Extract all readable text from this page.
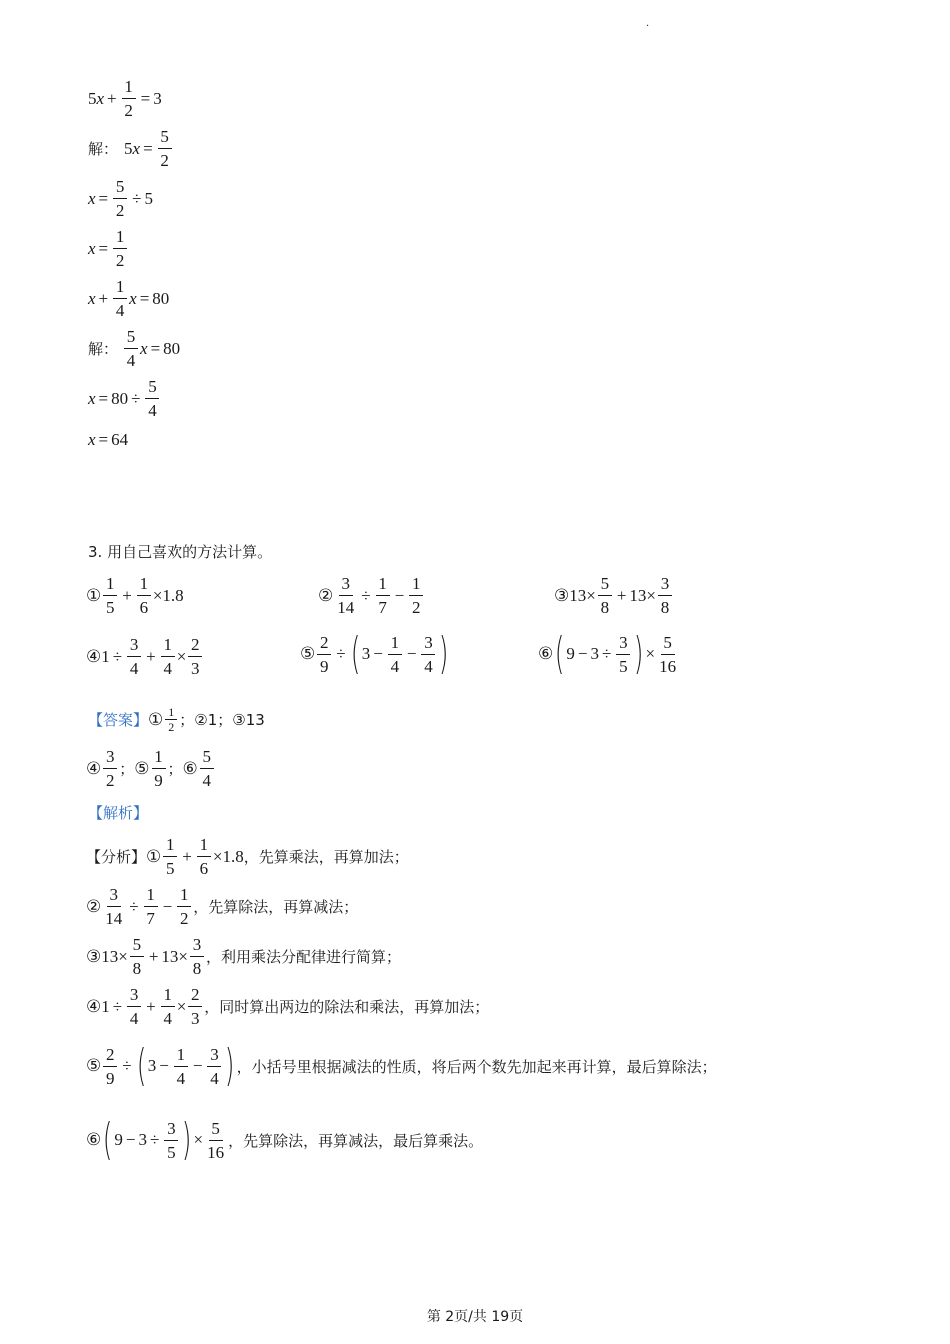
.
5 $x + \frac{1}{2} = 3$
解： 5 $x = \frac{5}{2}$
$x = \frac{5}{2} \div 5$
$x = \frac{1}{2}$
$x + \frac{1}{4}$ x = 80
解： $\frac{5}{4}$ x = 80
$x = 80 \div \frac{5}{4}$
x = 64
3. 用自己喜欢的方法计算。
① $\frac{1}{5} + \frac{1}{6} \times 1.8$	② $\frac{3}{14} \div \frac{1}{7} - \frac{1}{2}$	③13× $\frac{5}{8} + 13\times \frac{3}{8}$
④1 ÷ $\frac{3}{4} + \frac{1}{4} \times \frac{2}{3}$	⑤ $\frac{2}{9}$ ÷ ( $3 - \frac{1}{4} - \frac{3}{4}$ )	⑥ ( $9 - 3 \div \frac{3}{5}$ ) × $\frac{5}{16}$
【答案】 ① $\frac{1}{2}$ ；②1；③13
④ $\frac{3}{2}$ ； ⑤ $\frac{1}{9}$ ； ⑥ $\frac{5}{4}$
【解析】
【分析】 ① $\frac{1}{5} + \frac{1}{6} \times 1.8$ ，先算乘法，再算加法；
② $\frac{3}{14} \div \frac{1}{7} - \frac{1}{2}$ ，先算除法，再算减法；
③13× $\frac{5}{8} + 13\times \frac{3}{8}$ ，利用乘法分配律进行简算；
④1 ÷ $\frac{3}{4} + \frac{1}{4} \times \frac{2}{3}$ ，同时算出两边的除法和乘法，再算加法；
⑤ $\frac{2}{9}$ ÷ ( $3 - \frac{1}{4} - \frac{3}{4}$ ) ，小括号里根据减法的性质，将后两个数先加起来再计算，最后算除法；
⑥ ( $9 - 3 \div \frac{3}{5}$ ) × $\frac{5}{16}$ ，先算除法，再算减法，最后算乘法。
第 2页/共 19页
